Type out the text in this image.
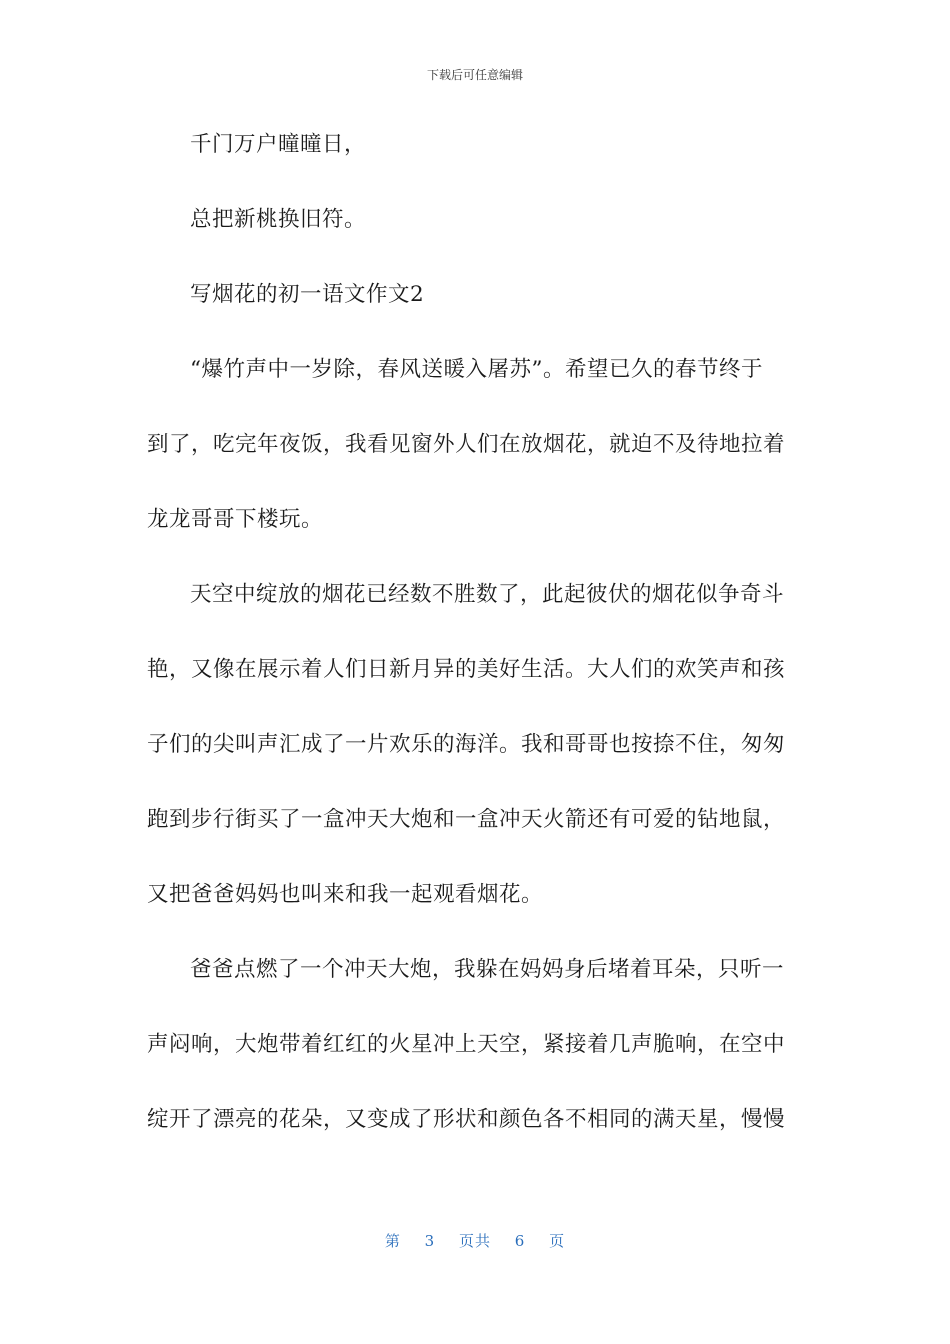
下载后可任意编辑

千门万户曈曈日，

总把新桃换旧符。

写烟花的初一语文作文2

“爆竹声中一岁除，春风送暖入屠苏”。希望已久的春节终于

到了，吃完年夜饭，我看见窗外人们在放烟花，就迫不及待地拉着

龙龙哥哥下楼玩。

天空中绽放的烟花已经数不胜数了，此起彼伏的烟花似争奇斗

艳，又像在展示着人们日新月异的美好生活。大人们的欢笑声和孩

子们的尖叫声汇成了一片欢乐的海洋。我和哥哥也按捺不住，匆匆

跑到步行街买了一盒冲天大炮和一盒冲天火箭还有可爱的钻地鼠，

又把爸爸妈妈也叫来和我一起观看烟花。

爸爸点燃了一个冲天大炮，我躲在妈妈身后堵着耳朵，只听一

声闷响，大炮带着红红的火星冲上天空，紧接着几声脆响，在空中

绽开了漂亮的花朵，又变成了形状和颜色各不相同的满天星，慢慢

第 3 页共 6 页
